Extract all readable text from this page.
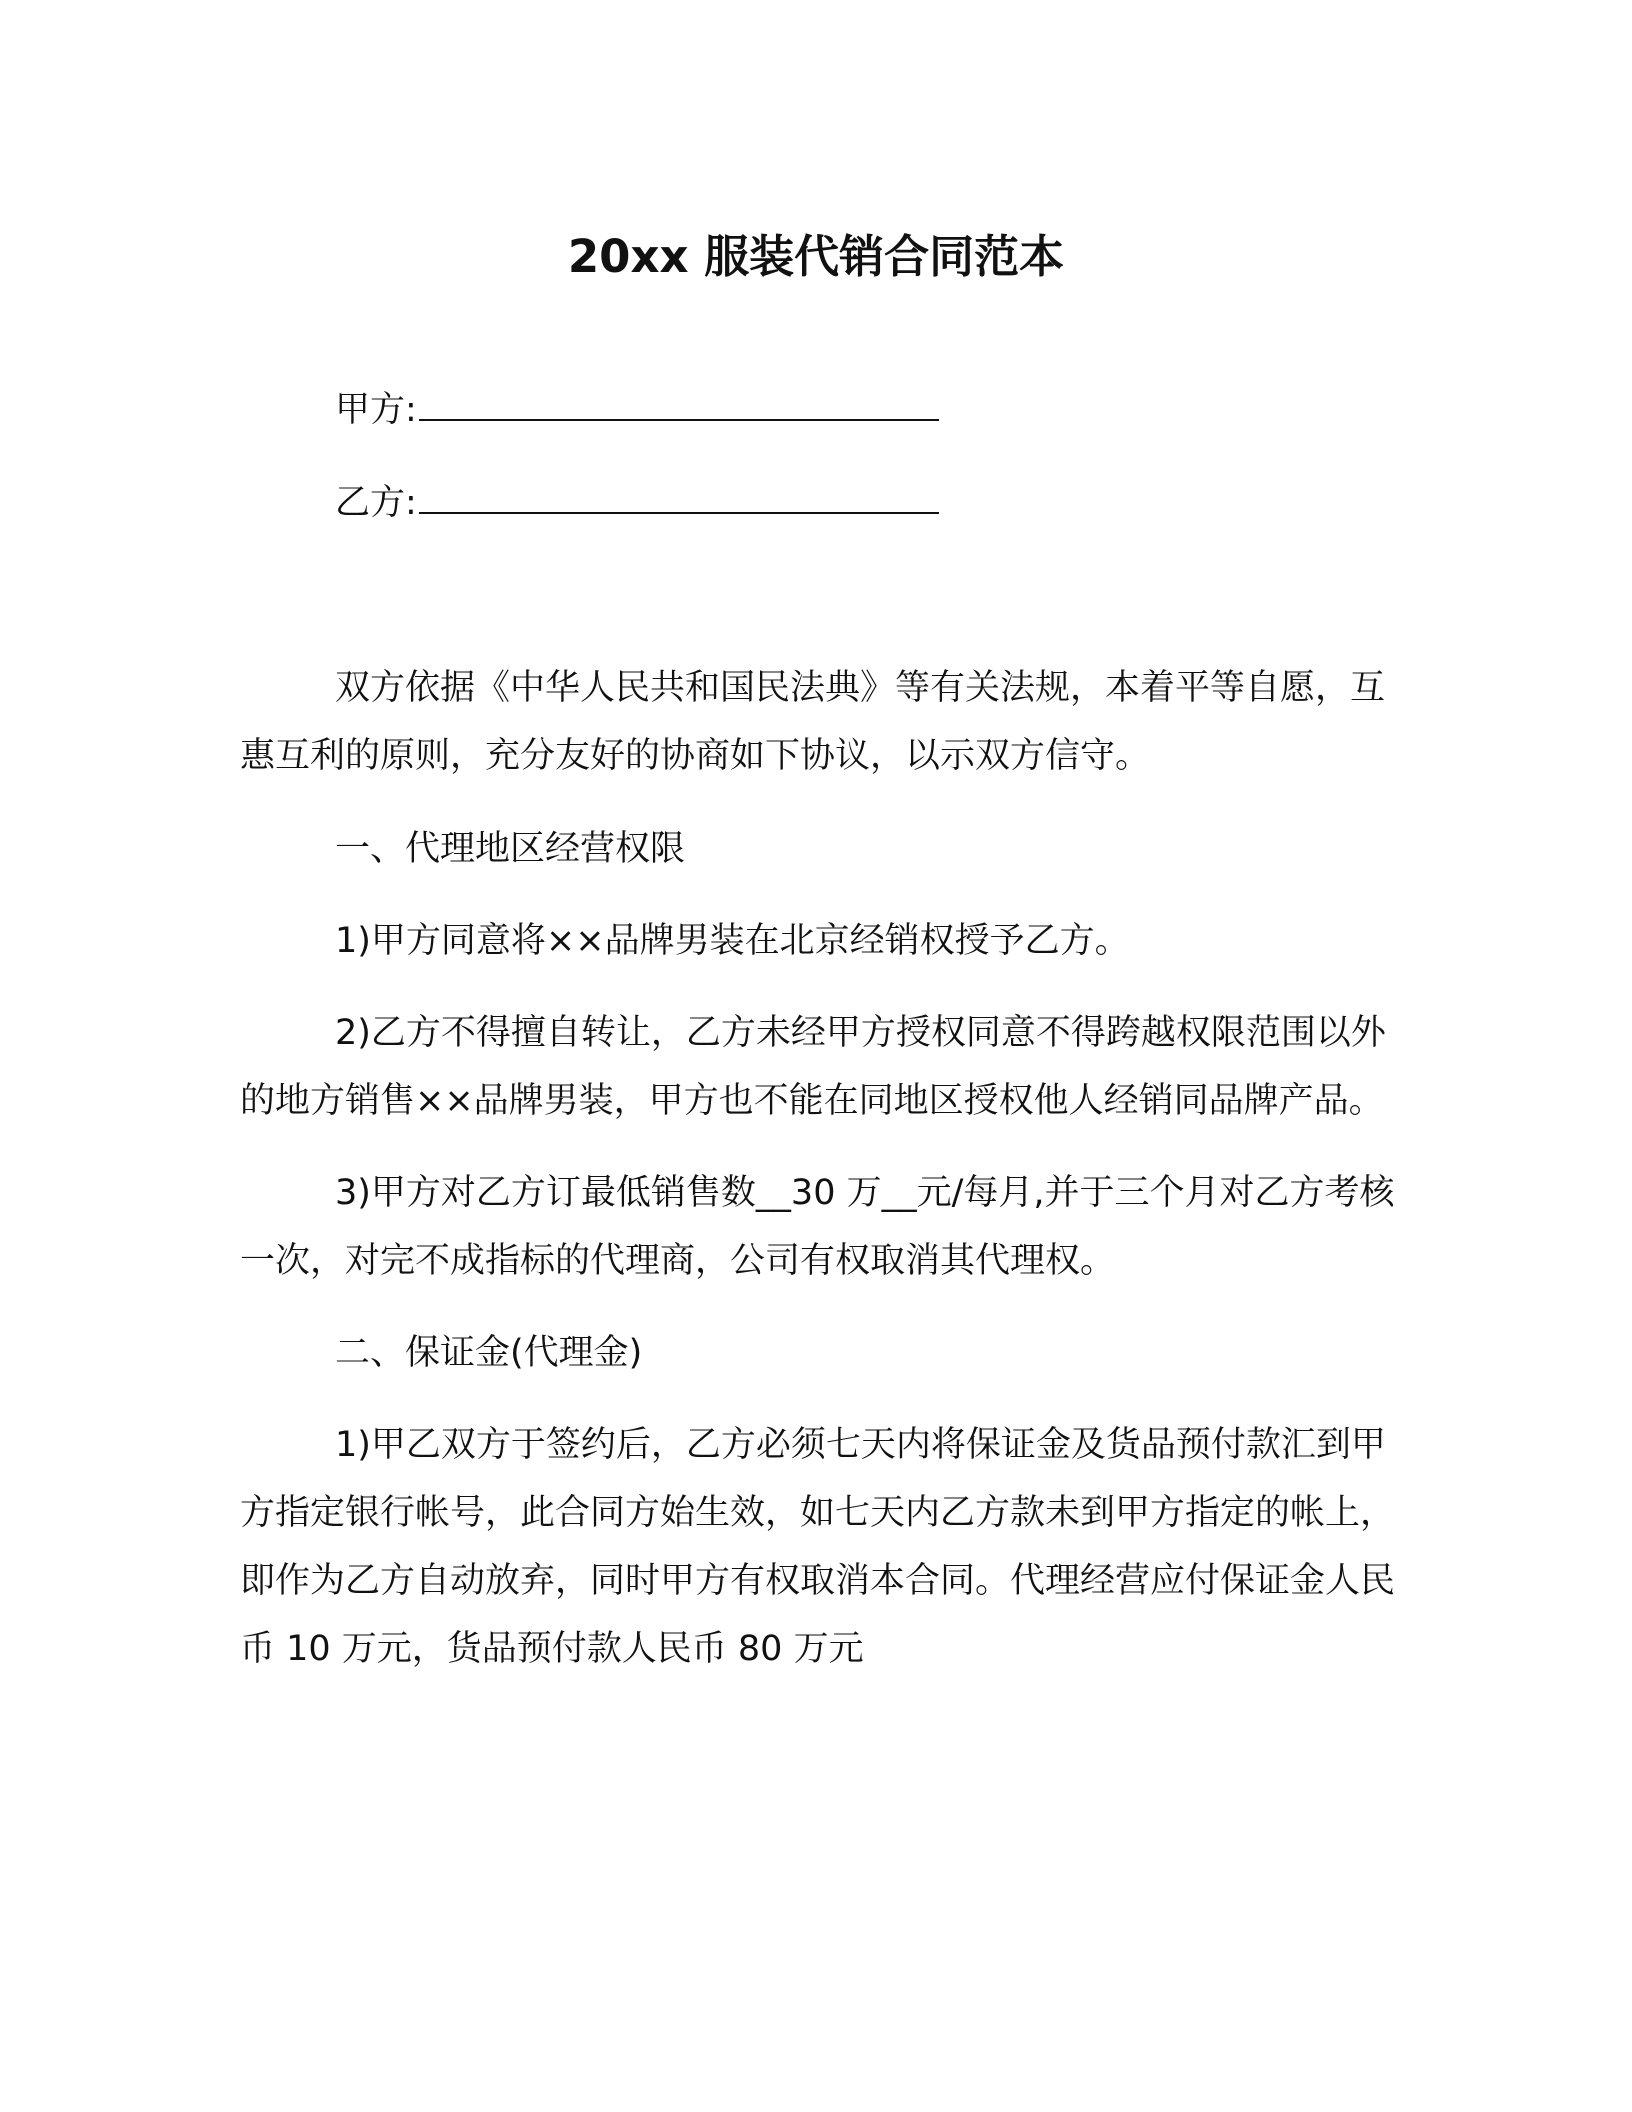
20xx 服装代销合同范本
甲方:
乙方:

双方依据《中华人民共和国民法典》等有关法规，本着平等自愿，互惠互利的原则，充分友好的协商如下协议，以示双方信守。

一、代理地区经营权限

1)甲方同意将××品牌男装在北京经销权授予乙方。

2)乙方不得擅自转让，乙方未经甲方授权同意不得跨越权限范围以外的地方销售××品牌男装，甲方也不能在同地区授权他人经销同品牌产品。

3)甲方对乙方订最低销售数__30 万__元/每月,并于三个月对乙方考核一次，对完不成指标的代理商，公司有权取消其代理权。

二、保证金(代理金)

1)甲乙双方于签约后，乙方必须七天内将保证金及货品预付款汇到甲方指定银行帐号，此合同方始生效，如七天内乙方款未到甲方指定的帐上，即作为乙方自动放弃，同时甲方有权取消本合同。代理经营应付保证金人民币 10 万元，货品预付款人民币 80 万元
